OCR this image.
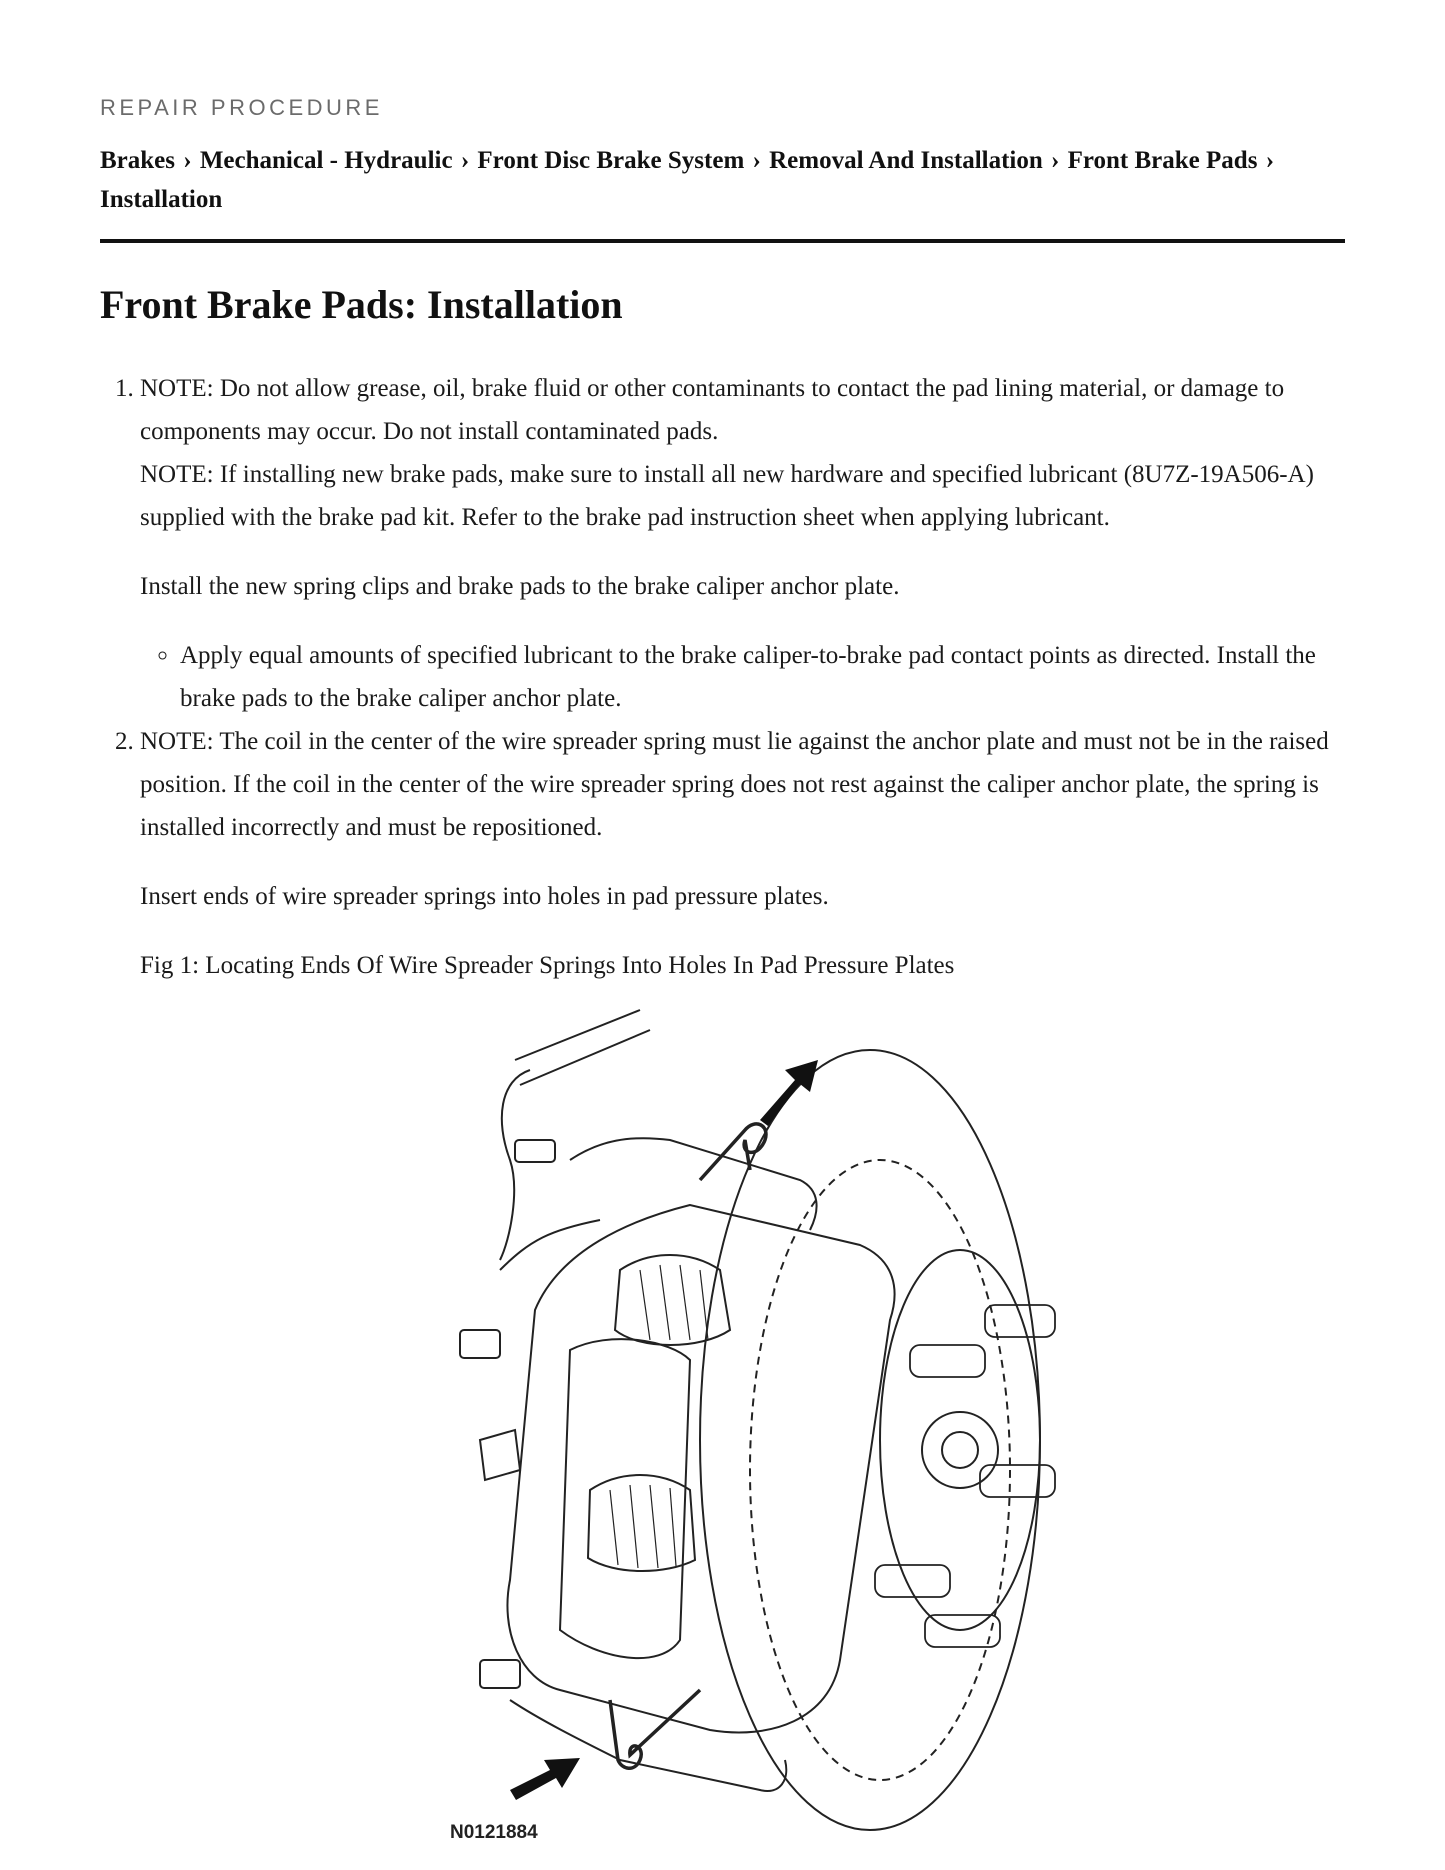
REPAIR PROCEDURE
Brakes › Mechanical - Hydraulic › Front Disc Brake System › Removal And Installation › Front Brake Pads › Installation
Front Brake Pads: Installation
1. NOTE: Do not allow grease, oil, brake fluid or other contaminants to contact the pad lining material, or damage to components may occur. Do not install contaminated pads.
NOTE: If installing new brake pads, make sure to install all new hardware and specified lubricant (8U7Z-19A506-A) supplied with the brake pad kit. Refer to the brake pad instruction sheet when applying lubricant.
Install the new spring clips and brake pads to the brake caliper anchor plate.
◦ Apply equal amounts of specified lubricant to the brake caliper-to-brake pad contact points as directed. Install the brake pads to the brake caliper anchor plate.
2. NOTE: The coil in the center of the wire spreader spring must lie against the anchor plate and must not be in the raised position. If the coil in the center of the wire spreader spring does not rest against the caliper anchor plate, the spring is installed incorrectly and must be repositioned.
Insert ends of wire spreader springs into holes in pad pressure plates.
Fig 1: Locating Ends Of Wire Spreader Springs Into Holes In Pad Pressure Plates
N0121884
